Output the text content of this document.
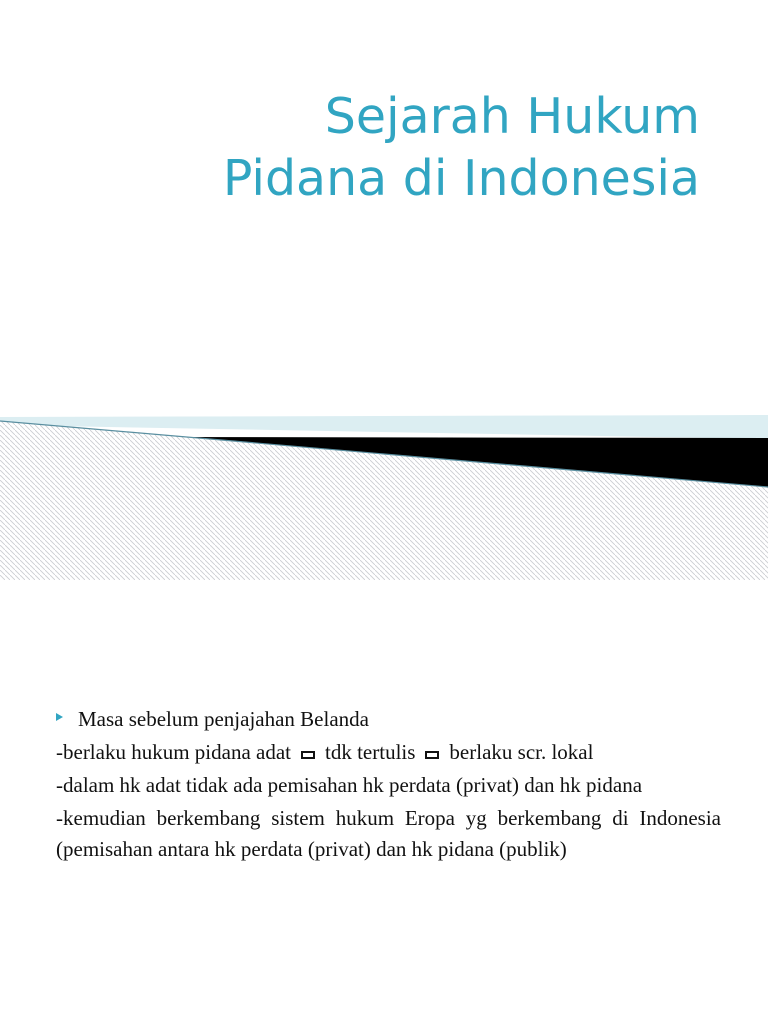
Sejarah Hukum
Pidana di Indonesia

Masa sebelum penjajahan Belanda

-berlaku hukum pidana adat tdk tertulis berlaku scr. lokal

-dalam hk adat tidak ada pemisahan hk perdata (privat) dan hk pidana

-kemudian berkembang sistem hukum Eropa yg berkembang di Indonesia (pemisahan antara hk perdata (privat) dan hk pidana (publik)
